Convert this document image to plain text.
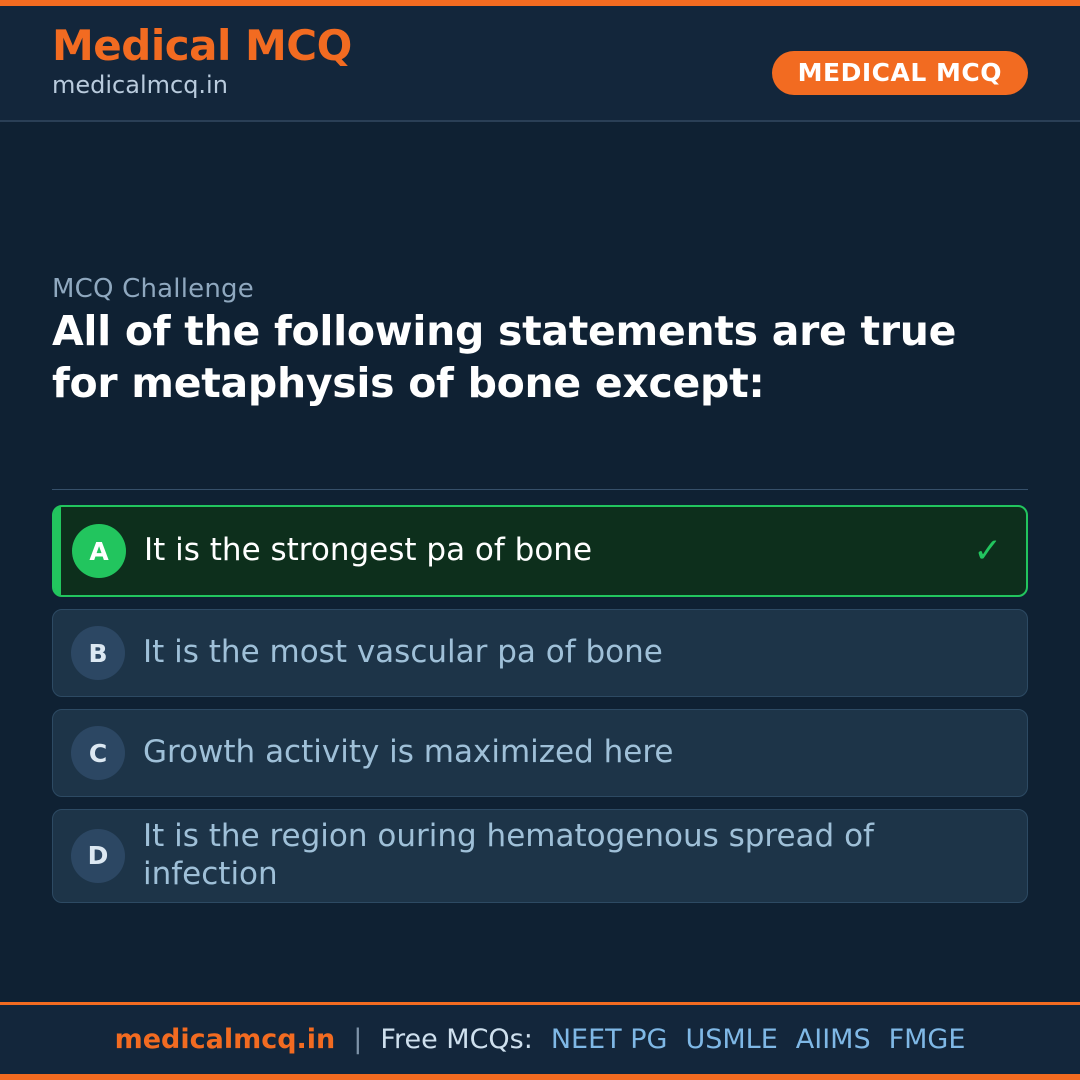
Medical MCQ
medicalmcq.in	MEDICAL MCQ
MCQ Challenge
All of the following statements are true for metaphysis of bone except:
A	It is the strongest pa of bone	✓
B	It is the most vascular pa of bone
C	Growth activity is maximized here
D
It is the region ouring hematogenous spread of infection
medicalmcq.in | Free MCQs: NEET PG USMLE AIIMS FMGE
